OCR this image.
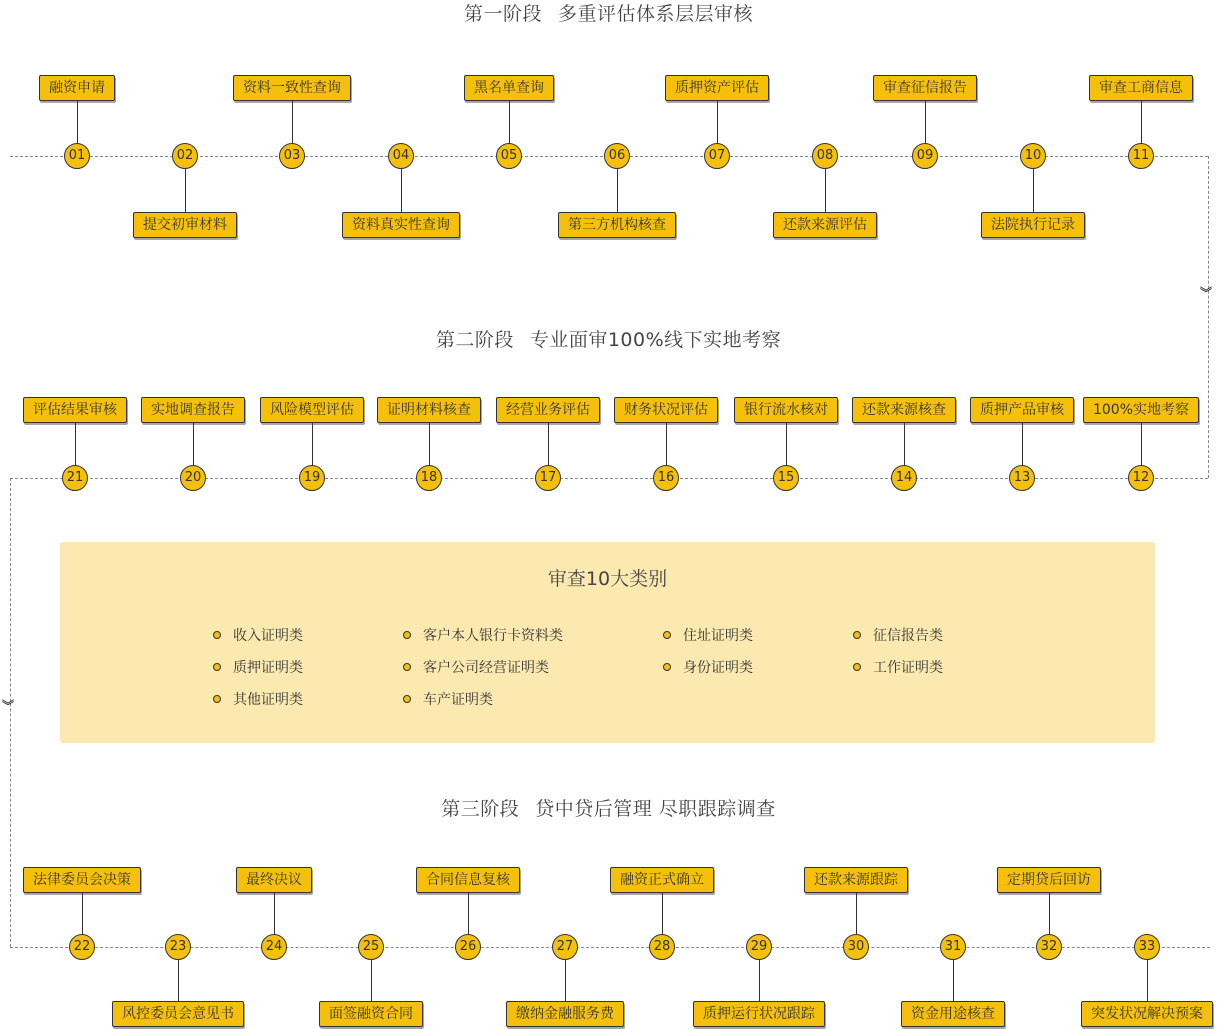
第一阶段 多重评估体系层层审核
第二阶段 专业面审100%线下实地考察
第三阶段 贷中贷后管理 尽职跟踪调查
︾
︾
融资申请
01
提交初审材料
02
资料一致性查询
03
资料真实性查询
04
黑名单查询
05
第三方机构核查
06
质押资产评估
07
还款来源评估
08
审查征信报告
09
法院执行记录
10
审查工商信息
11
评估结果审核
21
实地调查报告
20
风险模型评估
19
证明材料核查
18
经营业务评估
17
财务状况评估
16
银行流水核对
15
还款来源核查
14
质押产品审核
13
100%实地考察
12
法律委员会决策
22
风控委员会意见书
23
最终决议
24
面签融资合同
25
合同信息复核
26
缴纳金融服务费
27
融资正式确立
28
质押运行状况跟踪
29
还款来源跟踪
30
资金用途核查
31
定期贷后回访
32
突发状况解决预案
33
审查10大类别
收入证明类	客户本人银行卡资料类	住址证明类	征信报告类
质押证明类	客户公司经营证明类	身份证明类	工作证明类
其他证明类	车产证明类
